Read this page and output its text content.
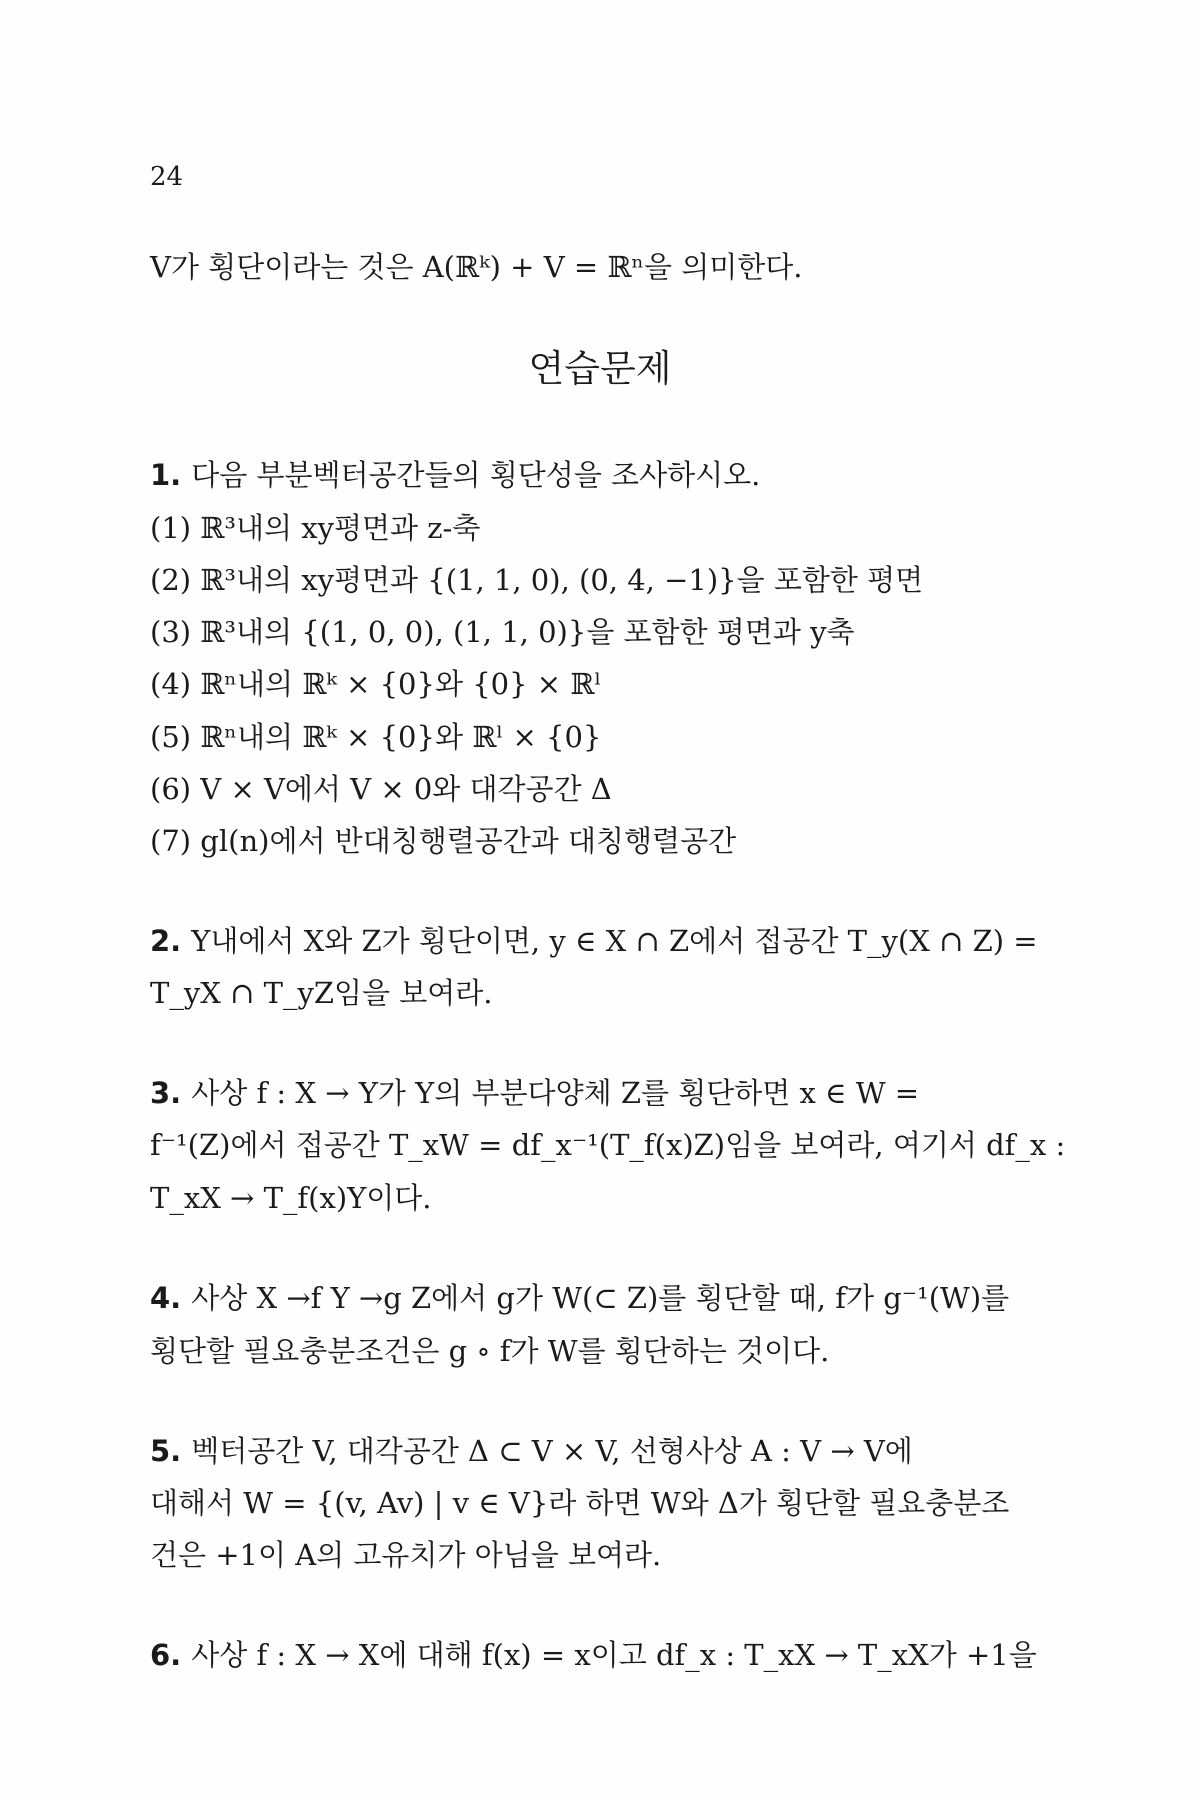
24
V가 횡단이라는 것은 A(ℝᵏ) + V = ℝⁿ을 의미한다.
연습문제
1. 다음 부분벡터공간들의 횡단성을 조사하시오.
(1) ℝ³내의 xy평면과 z-축
(2) ℝ³내의 xy평면과 {(1, 1, 0), (0, 4, −1)}을 포함한 평면
(3) ℝ³내의 {(1, 0, 0), (1, 1, 0)}을 포함한 평면과 y축
(4) ℝⁿ내의 ℝᵏ × {0}와 {0} × ℝˡ
(5) ℝⁿ내의 ℝᵏ × {0}와 ℝˡ × {0}
(6) V × V에서 V × 0와 대각공간 Δ
(7) gl(n)에서 반대칭행렬공간과 대칭행렬공간
2. Y내에서 X와 Z가 횡단이면, y ∈ X ∩ Z에서 접공간 T_y(X ∩ Z) =
T_yX ∩ T_yZ임을 보여라.
3. 사상 f : X → Y가 Y의 부분다양체 Z를 횡단하면 x ∈ W =
f⁻¹(Z)에서 접공간 T_xW = df_x⁻¹(T_f(x)Z)임을 보여라, 여기서 df_x :
T_xX → T_f(x)Y이다.
4. 사상 X →f Y →g Z에서 g가 W(⊂ Z)를 횡단할 때, f가 g⁻¹(W)를
횡단할 필요충분조건은 g ∘ f가 W를 횡단하는 것이다.
5. 벡터공간 V, 대각공간 Δ ⊂ V × V, 선형사상 A : V → V에
대해서 W = {(v, Av) | v ∈ V}라 하면 W와 Δ가 횡단할 필요충분조
건은 +1이 A의 고유치가 아님을 보여라.
6. 사상 f : X → X에 대해 f(x) = x이고 df_x : T_xX → T_xX가 +1을
